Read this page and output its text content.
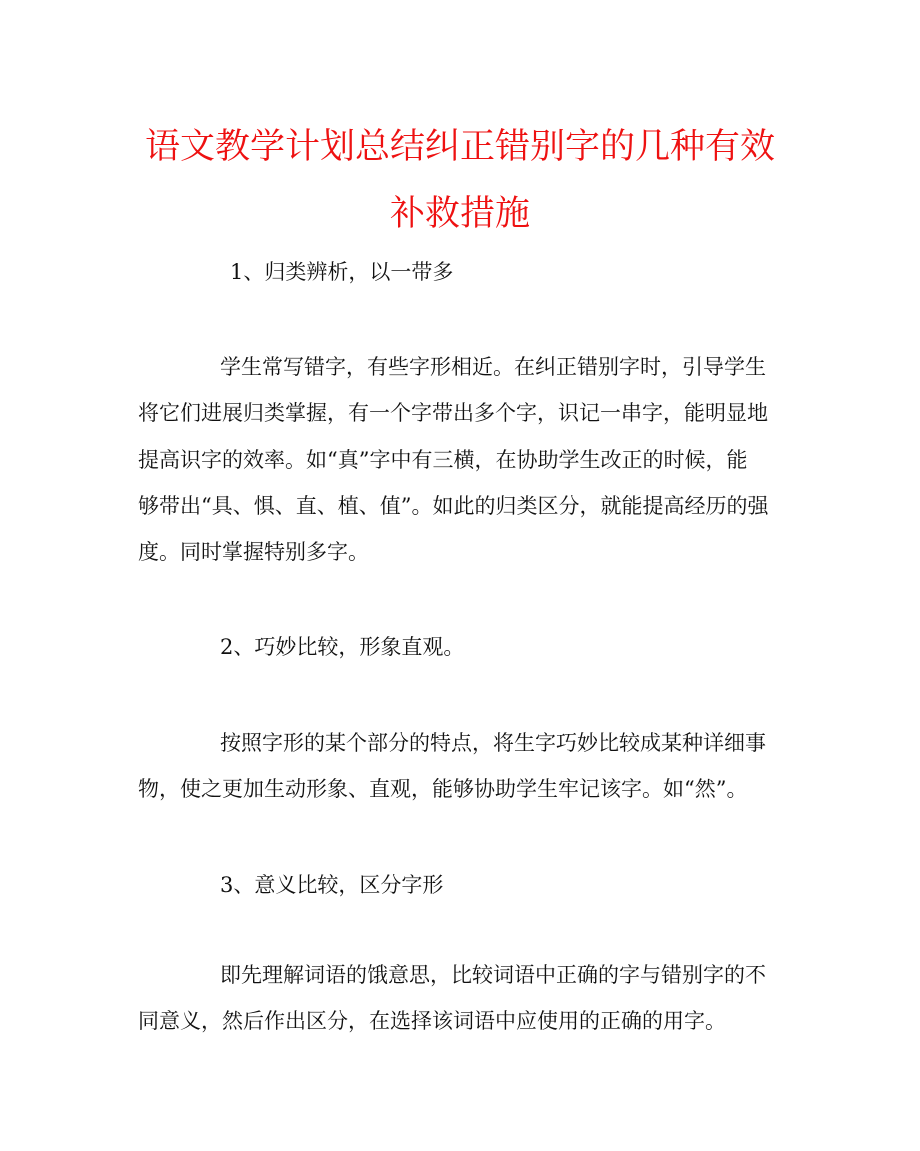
语文教学计划总结纠正错别字的几种有效
补救措施
1、归类辨析，以一带多
学生常写错字，有些字形相近。在纠正错别字时，引导学生
将它们进展归类掌握，有一个字带出多个字，识记一串字，能明显地
提高识字的效率。如“真”字中有三横，在协助学生改正的时候，能
够带出“具、惧、直、植、值”。如此的归类区分，就能提高经历的强
度。同时掌握特别多字。
2、巧妙比较，形象直观。
按照字形的某个部分的特点，将生字巧妙比较成某种详细事
物，使之更加生动形象、直观，能够协助学生牢记该字。如“然”。
3、意义比较，区分字形
即先理解词语的饿意思，比较词语中正确的字与错别字的不
同意义，然后作出区分，在选择该词语中应使用的正确的用字。
